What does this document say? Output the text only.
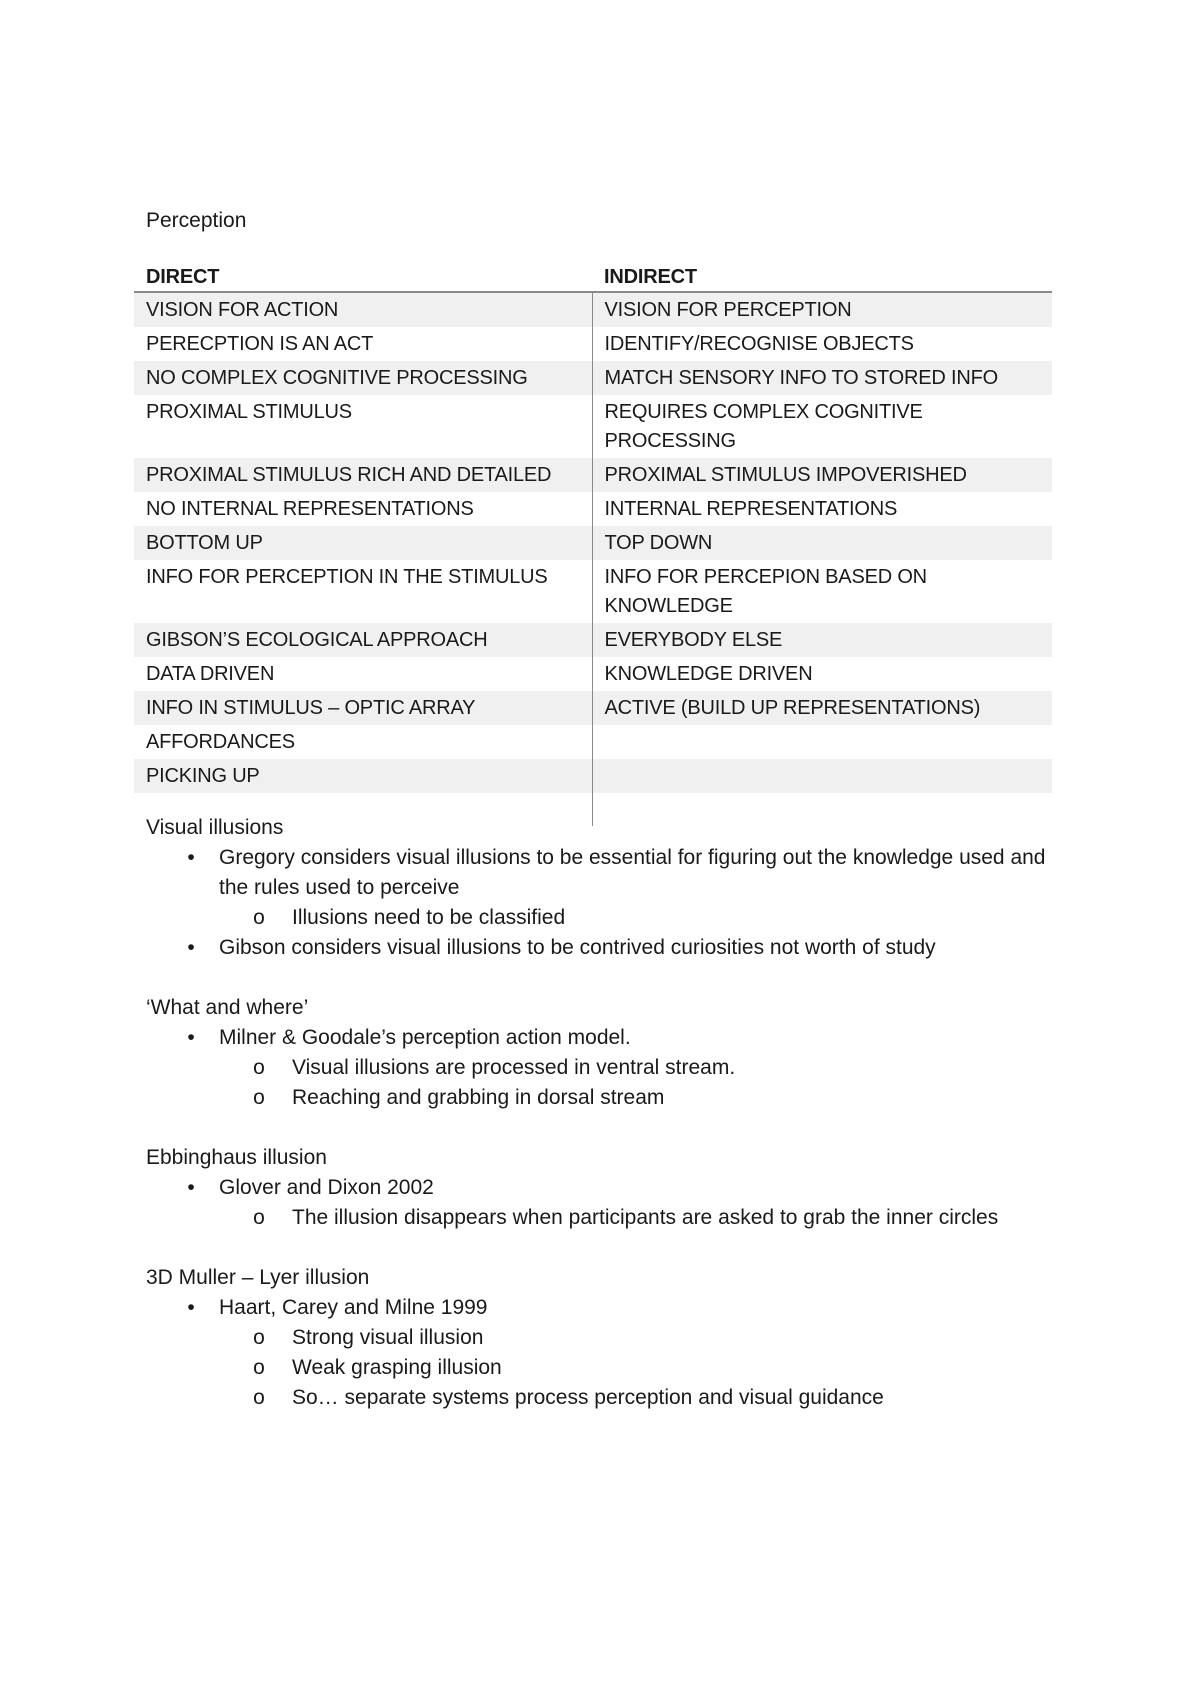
Perception
DIRECT	INDIRECT
VISION FOR ACTION	VISION FOR PERCEPTION
PERECPTION IS AN ACT	IDENTIFY/RECOGNISE OBJECTS
NO COMPLEX COGNITIVE PROCESSING	MATCH SENSORY INFO TO STORED INFO
PROXIMAL STIMULUS	REQUIRES COMPLEX COGNITIVE PROCESSING
PROXIMAL STIMULUS RICH AND DETAILED	PROXIMAL STIMULUS IMPOVERISHED
NO INTERNAL REPRESENTATIONS	INTERNAL REPRESENTATIONS
BOTTOM UP	TOP DOWN
INFO FOR PERCEPTION IN THE STIMULUS	INFO FOR PERCEPION BASED ON KNOWLEDGE
GIBSON’S ECOLOGICAL APPROACH	EVERYBODY ELSE
DATA DRIVEN	KNOWLEDGE DRIVEN
INFO IN STIMULUS – OPTIC ARRAY	ACTIVE (BUILD UP REPRESENTATIONS)
AFFORDANCES	
PICKING UP	

Visual illusions

•	Gregory considers visual illusions to be essential for figuring out the knowledge used and the rules used to perceive
o Illusions need to be classified
•	Gibson considers visual illusions to be contrived curiosities not worth of study

‘What and where’

•	Milner & Goodale’s perception action model.
o Visual illusions are processed in ventral stream.
o Reaching and grabbing in dorsal stream

Ebbinghaus illusion

•	Glover and Dixon 2002
o The illusion disappears when participants are asked to grab the inner circles

3D Muller – Lyer illusion

•	Haart, Carey and Milne 1999
o Strong visual illusion
o Weak grasping illusion
o So… separate systems process perception and visual guidance
